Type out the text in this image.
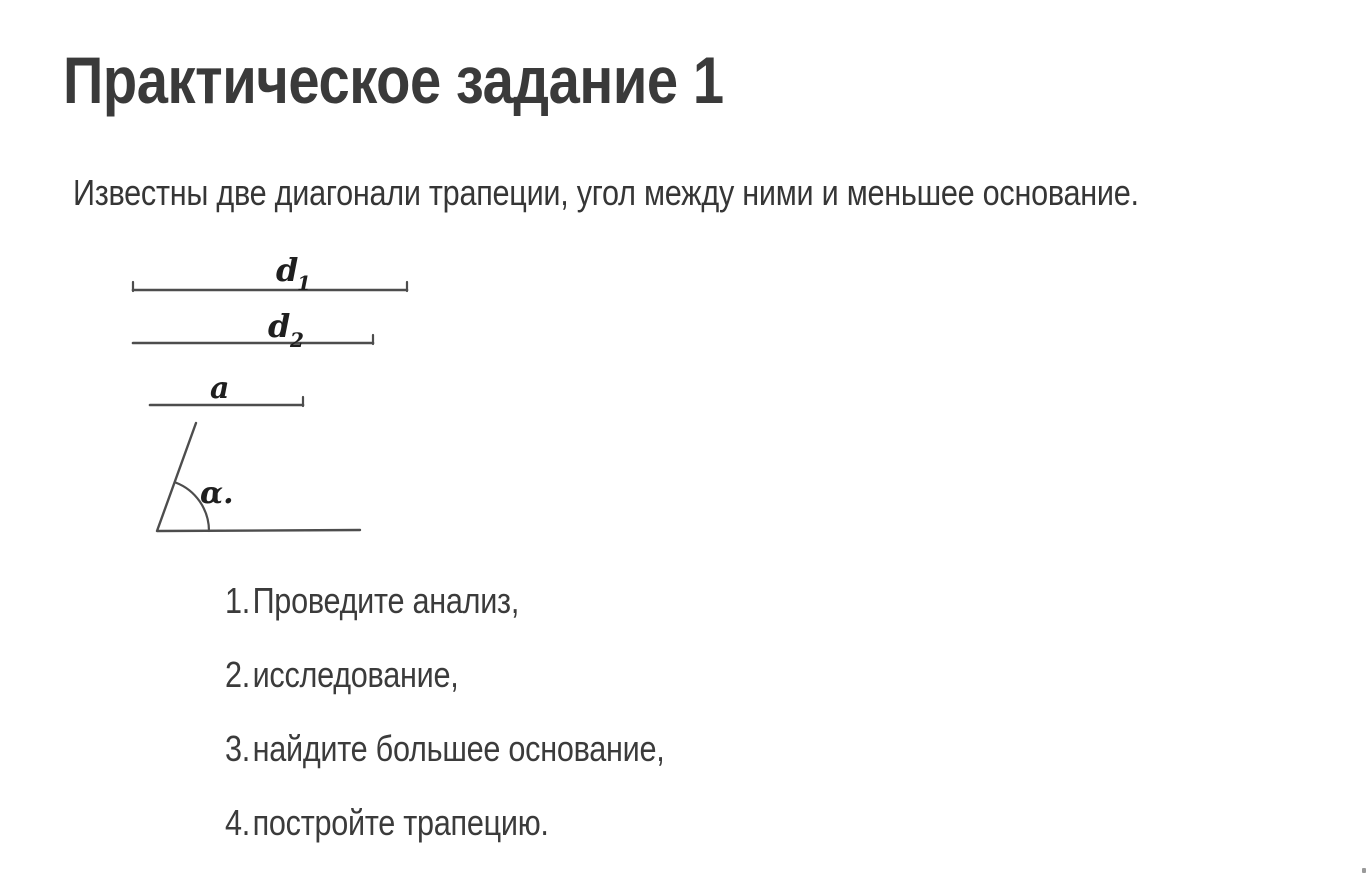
Практическое задание 1

Известны две диагонали трапеции, угол между ними и меньшее основание.

d
1
d 2
a
α.
1.Проведите анализ,
2.исследование,
3.найдите большее основание,
4.постройте трапецию.
